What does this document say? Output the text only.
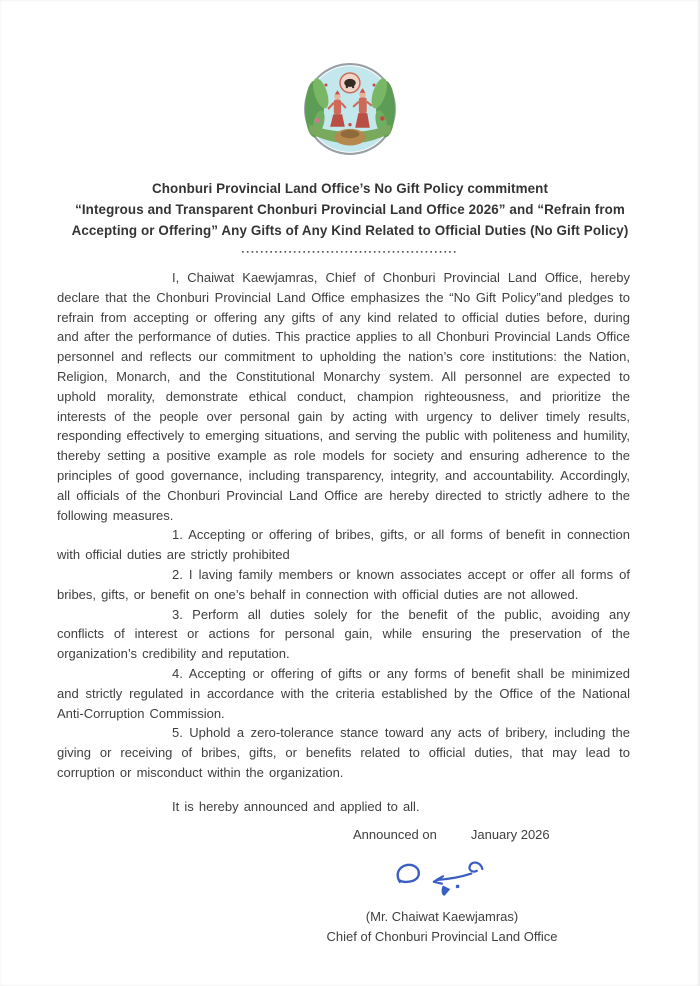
Chonburi Provincial Land Office’s No Gift Policy commitment
“Integrous and Transparent Chonburi Provincial Land Office 2026” and “Refrain from
Accepting or Offering” Any Gifts of Any Kind Related to Official Duties (No Gift Policy)
▪▪▪▪▪▪▪▪▪▪▪▪▪▪▪▪▪▪▪▪▪▪▪▪▪▪▪▪▪▪▪▪▪▪▪▪▪▪▪▪▪▪▪▪▪▪

I, Chaiwat Kaewjamras, Chief of Chonburi Provincial Land Office, hereby declare that the Chonburi Provincial Land Office emphasizes the “No Gift Policy”and pledges to refrain from accepting or offering any gifts of any kind related to official duties before, during and after the performance of duties. This practice applies to all Chonburi Provincial Lands Office personnel and reflects our commitment to upholding the nation’s core institutions: the Nation, Religion, Monarch, and the Constitutional Monarchy system. All personnel are expected to uphold morality, demonstrate ethical conduct, champion righteousness, and prioritize the interests of the people over personal gain by acting with urgency to deliver timely results, responding effectively to emerging situations, and serving the public with politeness and humility, thereby setting a positive example as role models for society and ensuring adherence to the principles of good governance, including transparency, integrity, and accountability. Accordingly, all officials of the Chonburi Provincial Land Office are hereby directed to strictly adhere to the following measures.

1. Accepting or offering of bribes, gifts, or all forms of benefit in connection with official duties are strictly prohibited

2. I laving family members or known associates accept or offer all forms of bribes, gifts, or benefit on one’s behalf in connection with official duties are not allowed.

3. Perform all duties solely for the benefit of the public, avoiding any conflicts of interest or actions for personal gain, while ensuring the preservation of the organization’s credibility and reputation.

4. Accepting or offering of gifts or any forms of benefit shall be minimized and strictly regulated in accordance with the criteria established by the Office of the National Anti-Corruption Commission.

5. Uphold a zero-tolerance stance toward any acts of bribery, including the giving or receiving of bribes, gifts, or benefits related to official duties, that may lead to corruption or misconduct within the organization.

It is hereby announced and applied to all.

Announced on	January 2026
(Mr. Chaiwat Kaewjamras)
Chief of Chonburi Provincial Land Office
